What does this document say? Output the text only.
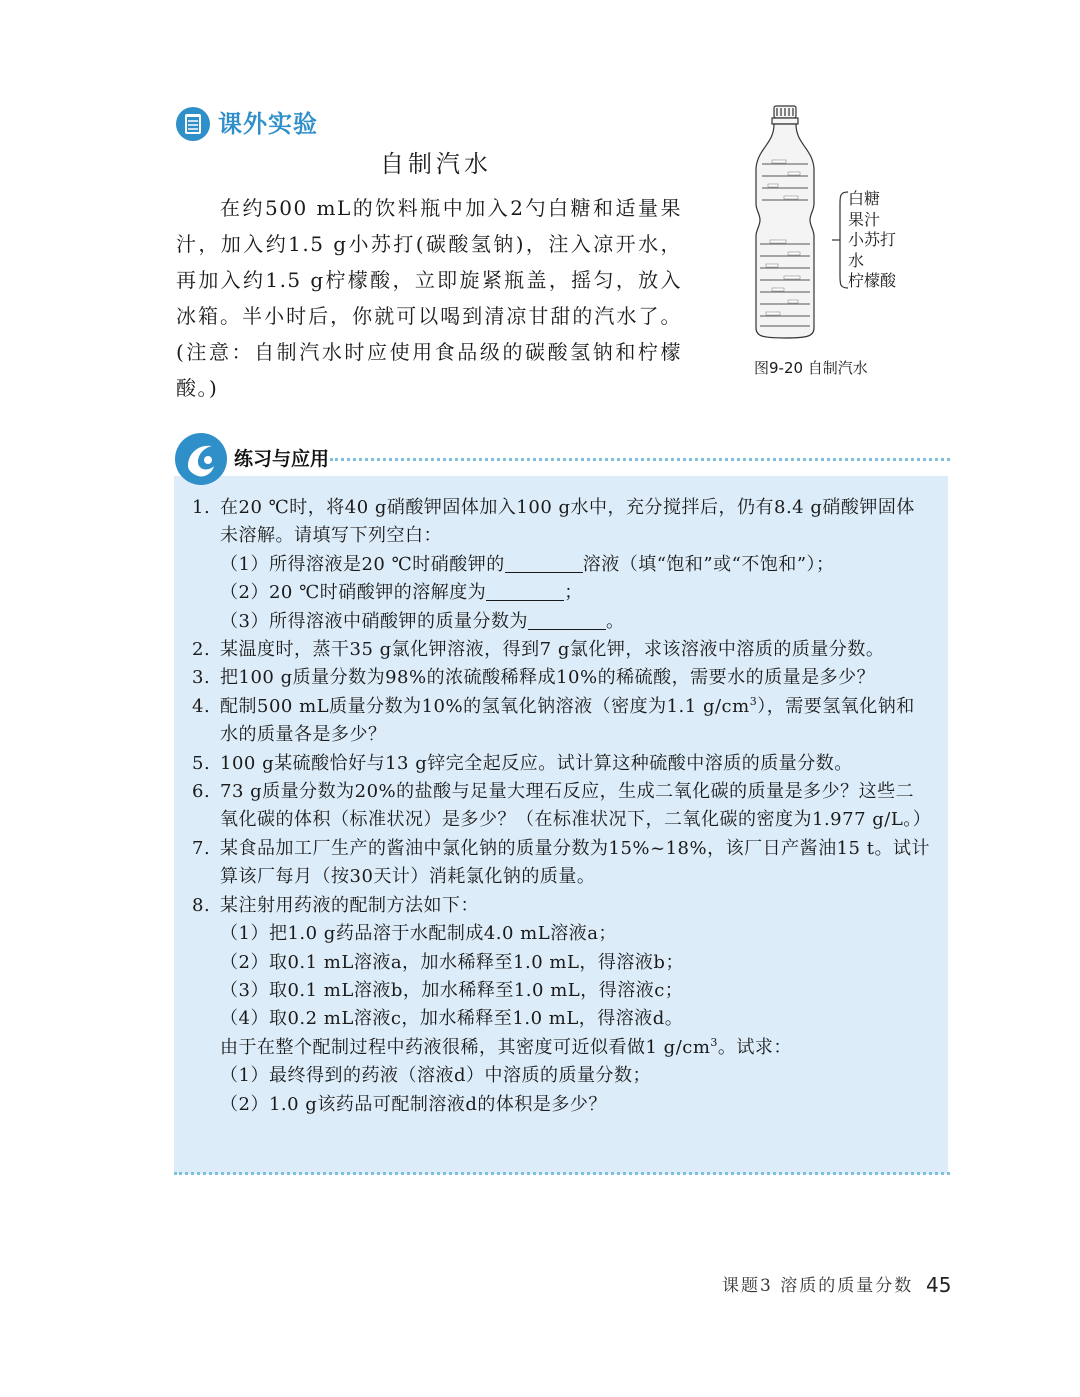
课外实验
自制汽水

在约500 mL的饮料瓶中加入2勺白糖和适量果汁，加入约1.5 g小苏打(碳酸氢钠)，注入凉开水，再加入约1.5 g柠檬酸，立即旋紧瓶盖，摇匀，放入冰箱。半小时后，你就可以喝到清凉甘甜的汽水了。(注意：自制汽水时应使用食品级的碳酸氢钠和柠檬酸。)

白糖
果汁
小苏打
水
柠檬酸
图9-20 自制汽水
练习与应用
1. 在20 ℃时，将40 g硝酸钾固体加入100 g水中，充分搅拌后，仍有8.4 g硝酸钾固体未溶解。请填写下列空白：
（1）所得溶液是20 ℃时硝酸钾的	溶液（填“饱和”或“不饱和”）；
（2）20 ℃时硝酸钾的溶解度为	；
（3）所得溶液中硝酸钾的质量分数为	。
2. 某温度时，蒸干35 g氯化钾溶液，得到7 g氯化钾，求该溶液中溶质的质量分数。
3. 把100 g质量分数为98%的浓硫酸稀释成10%的稀硫酸，需要水的质量是多少？
4. 配制500 mL质量分数为10%的氢氧化钠溶液（密度为1.1 $g/cm^3$），需要氢氧化钠和水的质量各是多少？
5. 100 g某硫酸恰好与13 g锌完全起反应。试计算这种硫酸中溶质的质量分数。
6. 73 g质量分数为20%的盐酸与足量大理石反应，生成二氧化碳的质量是多少？这些二氧化碳的体积（标准状况）是多少？（在标准状况下，二氧化碳的密度为1.977 g/L。）
7. 某食品加工厂生产的酱油中氯化钠的质量分数为15%~18%，该厂日产酱油15 t。试计算该厂每月（按30天计）消耗氯化钠的质量。
8. 某注射用药液的配制方法如下：
（1）把1.0 g药品溶于水配制成4.0 mL溶液a；
（2）取0.1 mL溶液a，加水稀释至1.0 mL，得溶液b；
（3）取0.1 mL溶液b，加水稀释至1.0 mL，得溶液c；
（4）取0.2 mL溶液c，加水稀释至1.0 mL，得溶液d。
由于在整个配制过程中药液很稀，其密度可近似看做1 $g/cm^3$。试求：
（1）最终得到的药液（溶液d）中溶质的质量分数；
（2）1.0 g该药品可配制溶液d的体积是多少？
课题3 溶质的质量分数 45
